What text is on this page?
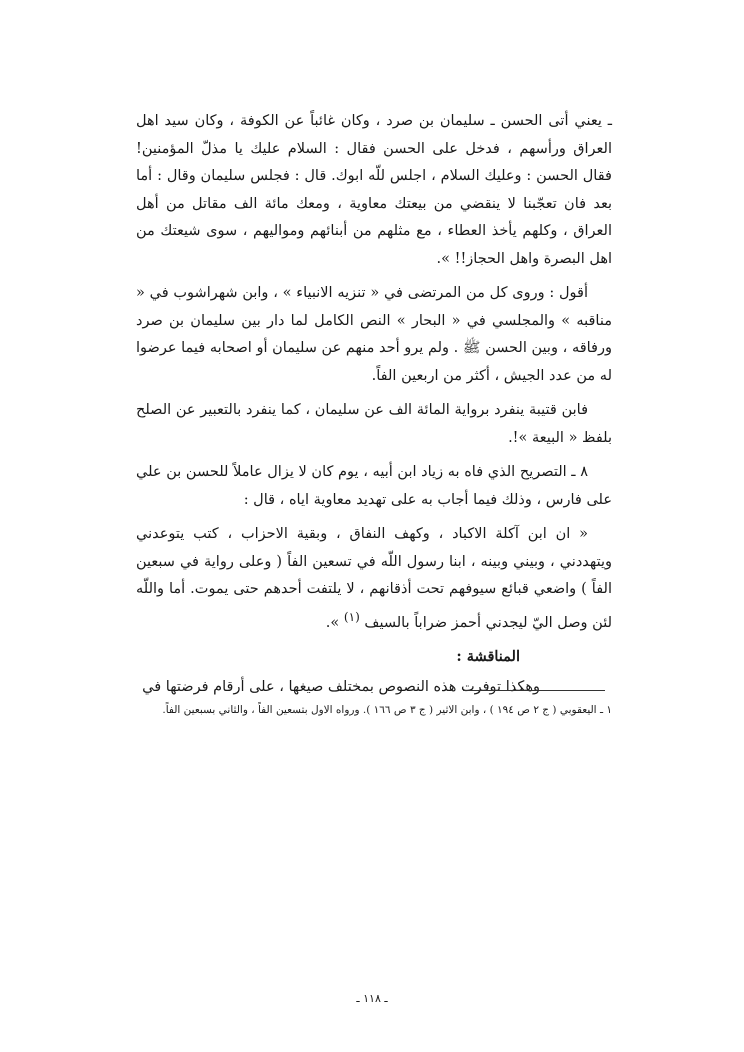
ـ يعني أتى الحسن ـ سليمان بن صرد ، وكان غائباً عن الكوفة ، وكان سيد اهل العراق ورأسهم ، فدخل على الحسن فقال : السلام عليك يا مذلّ المؤمنين! فقال الحسن : وعليك السلام ، اجلس للّه ابوك. قال : فجلس سليمان وقال : أما بعد فان تعجّبنا لا ينقضي من بيعتك معاوية ، ومعك مائة الف مقاتل من أهل العراق ، وكلهم يأخذ العطاء ، مع مثلهم من أبنائهم ومواليهم ، سوى شيعتك من اهل البصرة واهل الحجاز!! ».

أقول : وروى كل من المرتضى في « تنزيه الانبياء » ، وابن شهراشوب في « مناقبه » والمجلسي في « البحار » النص الكامل لما دار بين سليمان بن صرد ورفاقه ، وبين الحسن ﷺ . ولم يرو أحد منهم عن سليمان أو اصحابه فيما عرضوا له من عدد الجيش ، أكثر من اربعين الفاً.

فابن قتيبة ينفرد برواية المائة الف عن سليمان ، كما ينفرد بالتعبير عن الصلح بلفظ « البيعة »!.

٨ ـ التصريح الذي فاه به زياد ابن أبيه ، يوم كان لا يزال عاملاً للحسن بن علي على فارس ، وذلك فيما أجاب به على تهديد معاوية اياه ، قال :

« ان ابن آكلة الاكباد ، وكهف النفاق ، وبقية الاحزاب ، كتب يتوعدني ويتهددني ، وبيني وبينه ، ابنا رسول اللّه في تسعين الفاً ( وعلى رواية في سبعين الفاً ) واضعي قبائع سيوفهم تحت أذقانهم ، لا يلتفت أحدهم حتى يموت. أما واللّه لئن وصل اليّ ليجدني أحمز ضراباً بالسيف $^{(١)}$ ».

المناقشة :

وهكذا توفرت هذه النصوص بمختلف صيغها ، على أرقام فرضتها في

١ ـ اليعقوبي ( ج ٢ ص ١٩٤ ) ، وابن الاثير ( ج ٣ ص ١٦٦ ). ورواه الاول بتسعين الفاً ، والثاني بسبعين الفاً.
ـ ١١٨ ـ
